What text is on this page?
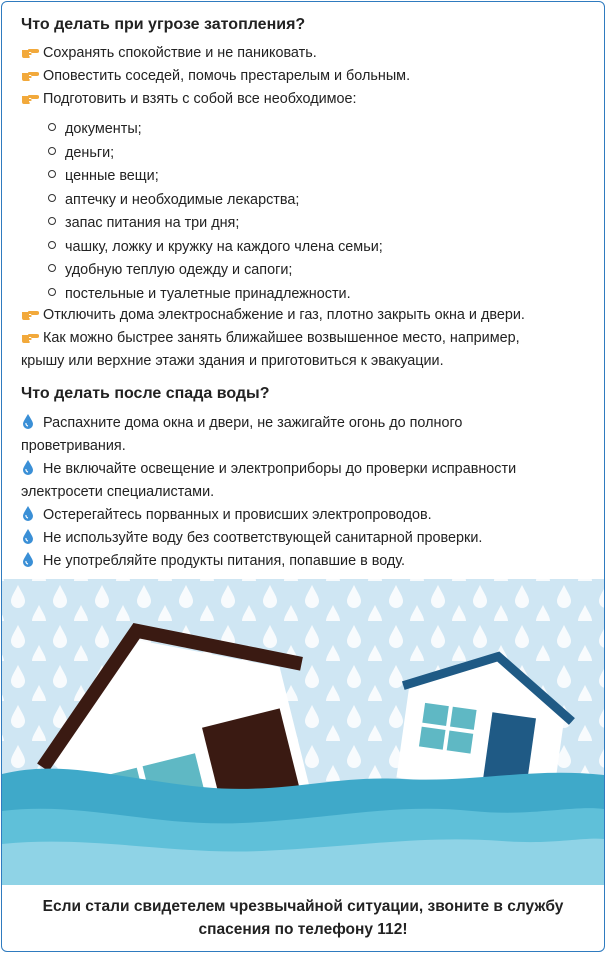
Что делать при угрозе затопления?
Сохранять спокойствие и не паниковать.
Оповестить соседей, помочь престарелым и больным.
Подготовить и взять с собой все необходимое:
документы;
деньги;
ценные вещи;
аптечку и необходимые лекарства;
запас питания на три дня;
чашку, ложку и кружку на каждого члена семьи;
удобную теплую одежду и сапоги;
постельные и туалетные принадлежности.
Отключить дома электроснабжение и газ, плотно закрыть окна и двери.
Как можно быстрее занять ближайшее возвышенное место, например,
крышу или верхние этажи здания и приготовиться к эвакуации.
Что делать после спада воды?
Распахните дома окна и двери, не зажигайте огонь до полного
проветривания.
Не включайте освещение и электроприборы до проверки исправности
электросети специалистами.
Остерегайтесь порванных и провисших электропроводов.
Не используйте воду без соответствующей санитарной проверки.
Не употребляйте продукты питания, попавшие в воду.
Если стали свидетелем чрезвычайной ситуации, звоните в службу
спасения по телефону 112!
